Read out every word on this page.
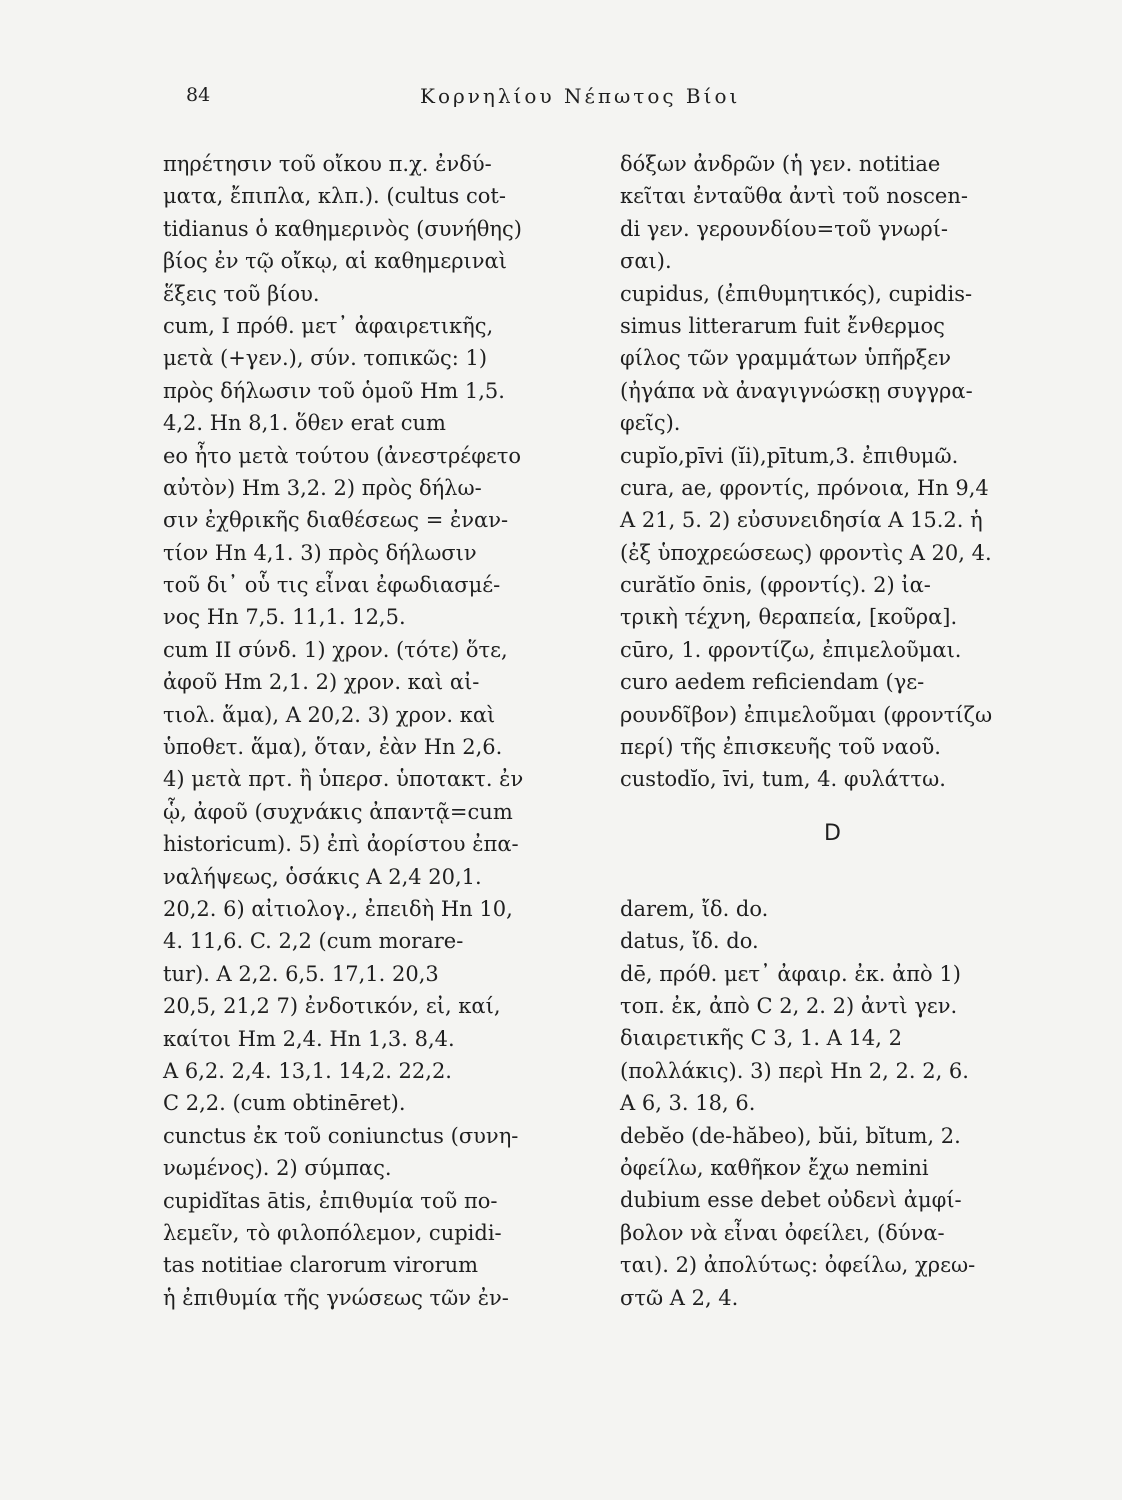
84	Κορνηλίου Νέπωτος Βίοι
πηρέτησιν τοῦ οἴκου π.χ. ἐνδύ-
ματα, ἔπιπλα, κλπ.). (cultus cot-
tidianus ὁ καθημερινὸς (συνήθης)
βίος ἐν τῷ οἴκῳ, αἱ καθημεριναὶ
ἕξεις τοῦ βίου.
cum, I πρόθ. μετ᾽ ἀφαιρετικῆς,
μετὰ (+γεν.), σύν. τοπικῶς: 1)
πρὸς δήλωσιν τοῦ ὁμοῦ Hm 1,5.
4,2. Hn 8,1. ὅθεν erat cum
eo ἦτο μετὰ τούτου (ἀνεστρέφετο
αὐτὸν) Hm 3,2. 2) πρὸς δήλω-
σιν ἐχθρικῆς διαθέσεως = ἐναν-
τίον Hn 4,1. 3) πρὸς δήλωσιν
τοῦ δι᾽ οὗ τις εἶναι ἐφωδιασμέ-
νος Hn 7,5. 11,1. 12,5.
cum II σύνδ. 1) χρον. (τότε) ὅτε,
ἀφοῦ Hm 2,1. 2) χρον. καὶ αἰ-
τιολ. ἅμα), A 20,2. 3) χρον. καὶ
ὑποθετ. ἅμα), ὅταν, ἐὰν Hn 2,6.
4) μετὰ πρτ. ἢ ὑπερσ. ὑποτακτ. ἐν
ᾧ, ἀφοῦ (συχνάκις ἀπαντᾷ=cum
historicum). 5) ἐπὶ ἀορίστου ἐπα-
ναλήψεως, ὁσάκις A 2,4 20,1.
20,2. 6) αἰτιολογ., ἐπειδὴ Hn 10,
4. 11,6. C. 2,2 (cum morare-
tur). A 2,2. 6,5. 17,1. 20,3
20,5, 21,2 7) ἐνδοτικόν, εἰ, καί,
καίτοι Hm 2,4. Hn 1,3. 8,4.
A 6,2. 2,4. 13,1. 14,2. 22,2.
C 2,2. (cum obtinēret).
cunctus ἐκ τοῦ coniunctus (συνη-
νωμένος). 2) σύμπας.
cupidĭtas ātis, ἐπιθυμία τοῦ πο-
λεμεῖν, τὸ φιλοπόλεμον, cupidi-
tas notitiae clarorum virorum
ἡ ἐπιθυμία τῆς γνώσεως τῶν ἐν-
δόξων ἀνδρῶν (ἡ γεν. notitiae
κεῖται ἐνταῦθα ἀντὶ τοῦ noscen-
di γεν. γερουνδίου=τοῦ γνωρί-
σαι).
cupidus, (ἐπιθυμητικός), cupidis-
simus litterarum fuit ἔνθερμος
φίλος τῶν γραμμάτων ὑπῆρξεν
(ἠγάπα νὰ ἀναγιγνώσκῃ συγγρα-
φεῖς).
cupĭo,pīvi (ĭi),pītum,3. ἐπιθυμῶ.
cura, ae, φροντίς, πρόνοια, Hn 9,4
A 21, 5. 2) εὐσυνειδησία A 15.2. ἡ
(ἐξ ὑποχρεώσεως) φροντὶς A 20, 4.
curătĭo ōnis, (φροντίς). 2) ἰα-
τρικὴ τέχνη, θεραπεία, [κοῦρα].
cūro, 1. φροντίζω, ἐπιμελοῦμαι.
curo aedem reficiendam (γε-
ρουνδῖβον) ἐπιμελοῦμαι (φροντίζω
περί) τῆς ἐπισκευῆς τοῦ ναοῦ.
custodĭo, īvi, tum, 4. φυλάττω.
D
darem, ἴδ. do.
datus, ἴδ. do.
dē, πρόθ. μετ᾽ ἀφαιρ. ἐκ. ἀπὸ 1)
τοπ. ἐκ, ἀπὸ C 2, 2. 2) ἀντὶ γεν.
διαιρετικῆς C 3, 1. A 14, 2
(πολλάκις). 3) περὶ Hn 2, 2. 2, 6.
A 6, 3. 18, 6.
debĕo (de-hăbeo), bŭi, bĭtum, 2.
ὀφείλω, καθῆκον ἔχω nemini
dubium esse debet οὐδενὶ ἀμφί-
βολον νὰ εἶναι ὀφείλει, (δύνα-
ται). 2) ἀπολύτως: ὀφείλω, χρεω-
στῶ A 2, 4.
